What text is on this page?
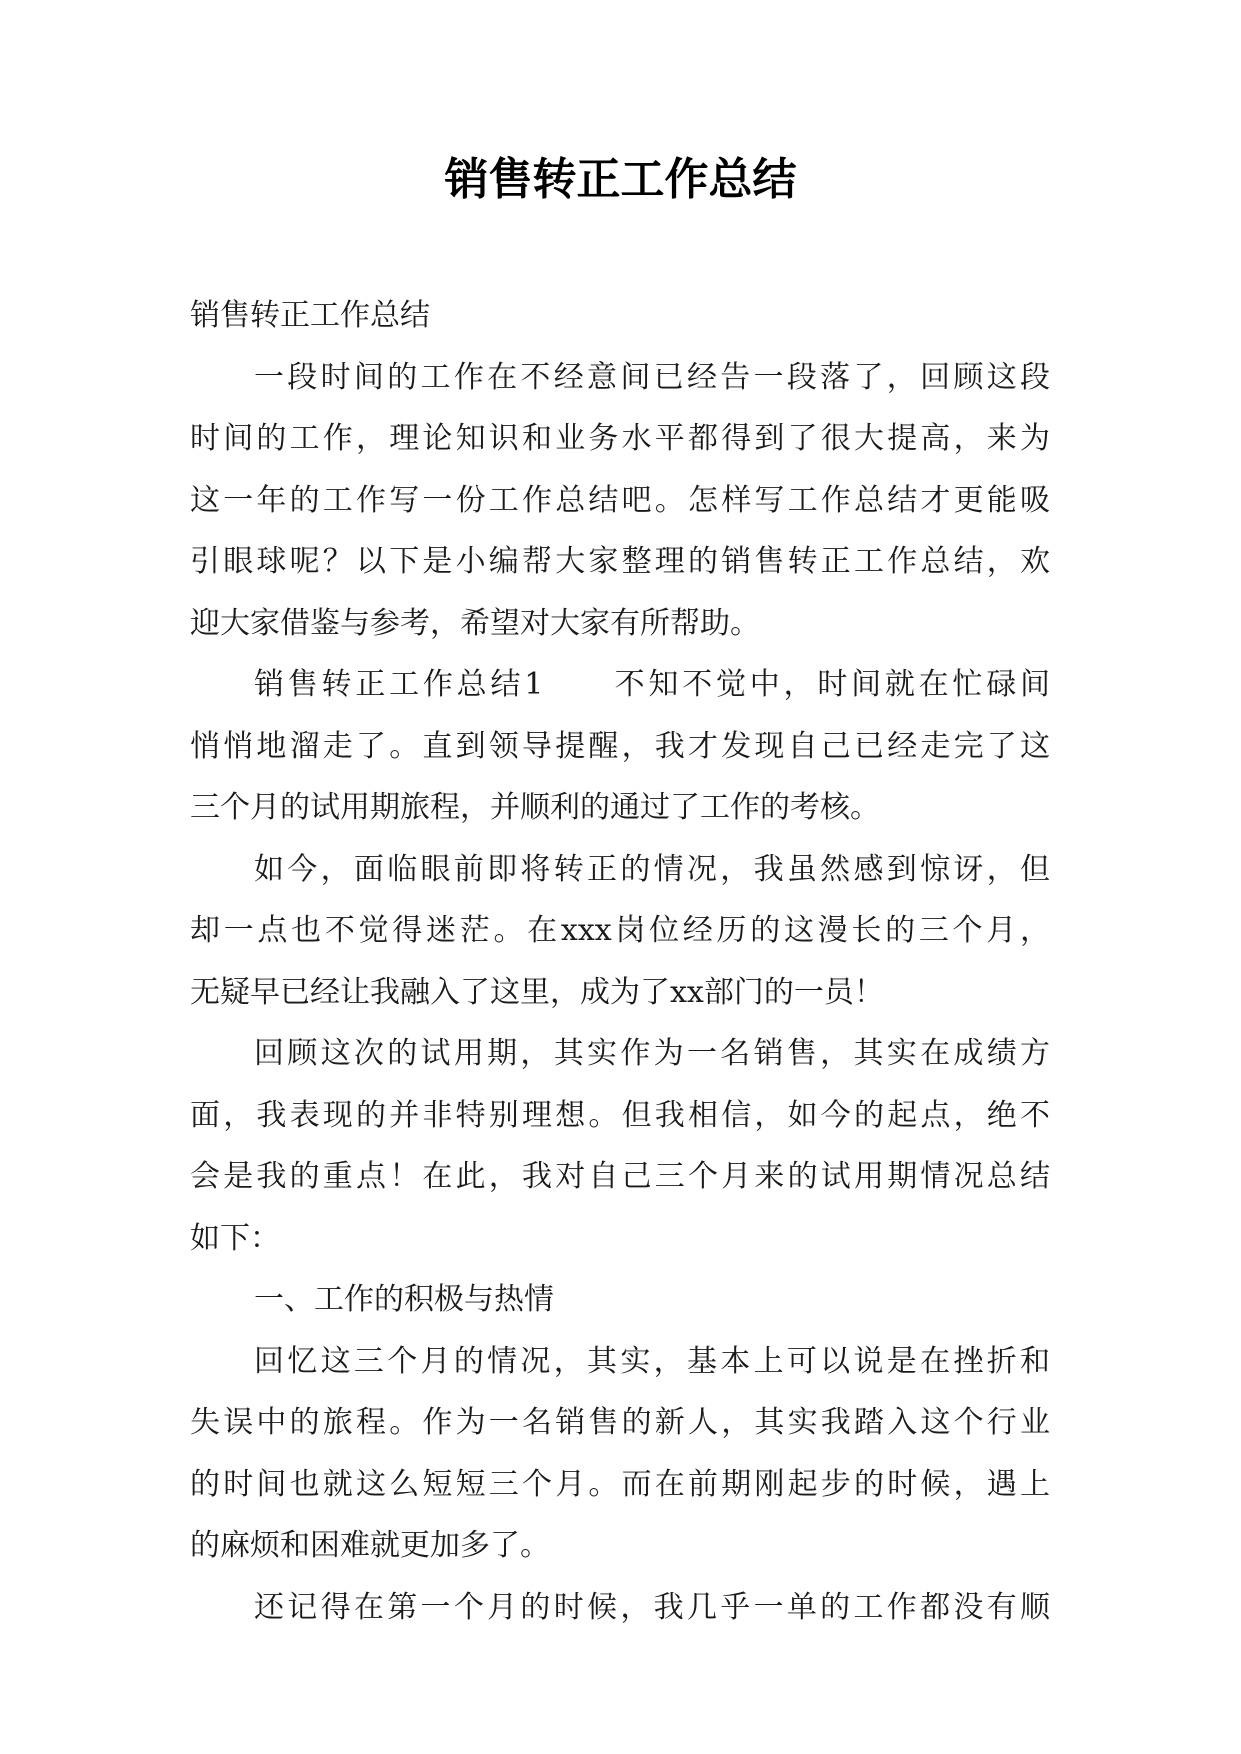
销售转正工作总结
销售转正工作总结
一段时间的工作在不经意间已经告一段落了，回顾这段
时间的工作，理论知识和业务水平都得到了很大提高，来为
这一年的工作写一份工作总结吧。怎样写工作总结才更能吸
引眼球呢？以下是小编帮大家整理的销售转正工作总结，欢
迎大家借鉴与参考，希望对大家有所帮助。
销售转正工作总结1　　不知不觉中，时间就在忙碌间
悄悄地溜走了。直到领导提醒，我才发现自己已经走完了这
三个月的试用期旅程，并顺利的通过了工作的考核。
如今，面临眼前即将转正的情况，我虽然感到惊讶，但
却一点也不觉得迷茫。在xxx岗位经历的这漫长的三个月，
无疑早已经让我融入了这里，成为了xx部门的一员！
回顾这次的试用期，其实作为一名销售，其实在成绩方
面，我表现的并非特别理想。但我相信，如今的起点，绝不
会是我的重点！在此，我对自己三个月来的试用期情况总结
如下：
一、工作的积极与热情
回忆这三个月的情况，其实，基本上可以说是在挫折和
失误中的旅程。作为一名销售的新人，其实我踏入这个行业
的时间也就这么短短三个月。而在前期刚起步的时候，遇上
的麻烦和困难就更加多了。
还记得在第一个月的时候，我几乎一单的工作都没有顺
